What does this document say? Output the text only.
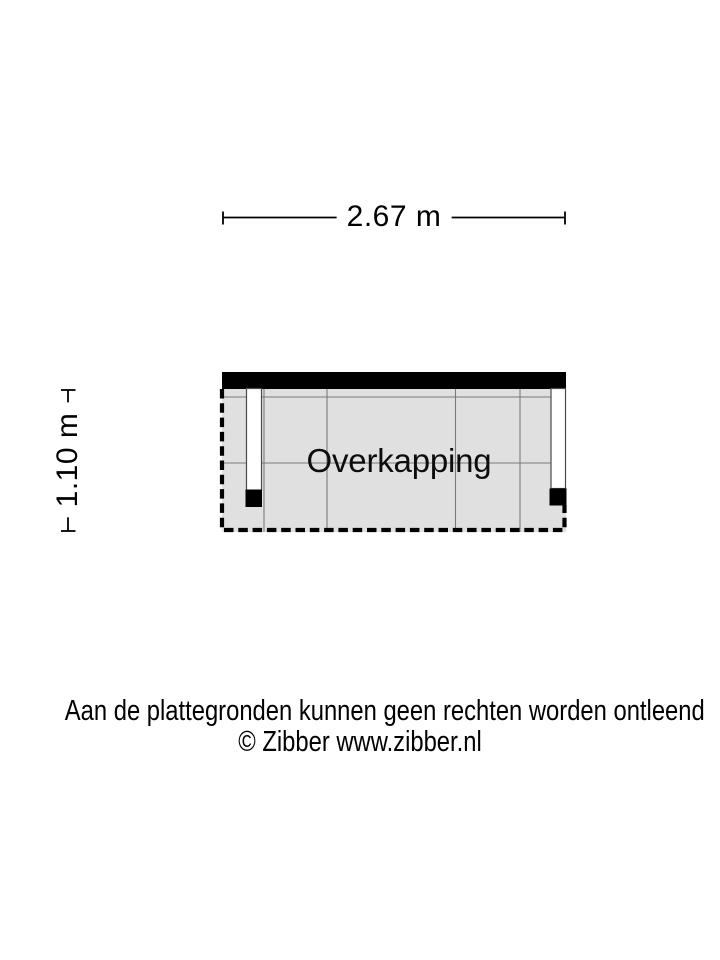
2.67 m
1.10 m	Overkapping
Aan de plattegronden kunnen geen rechten worden ontleend
© Zibber www.zibber.nl
